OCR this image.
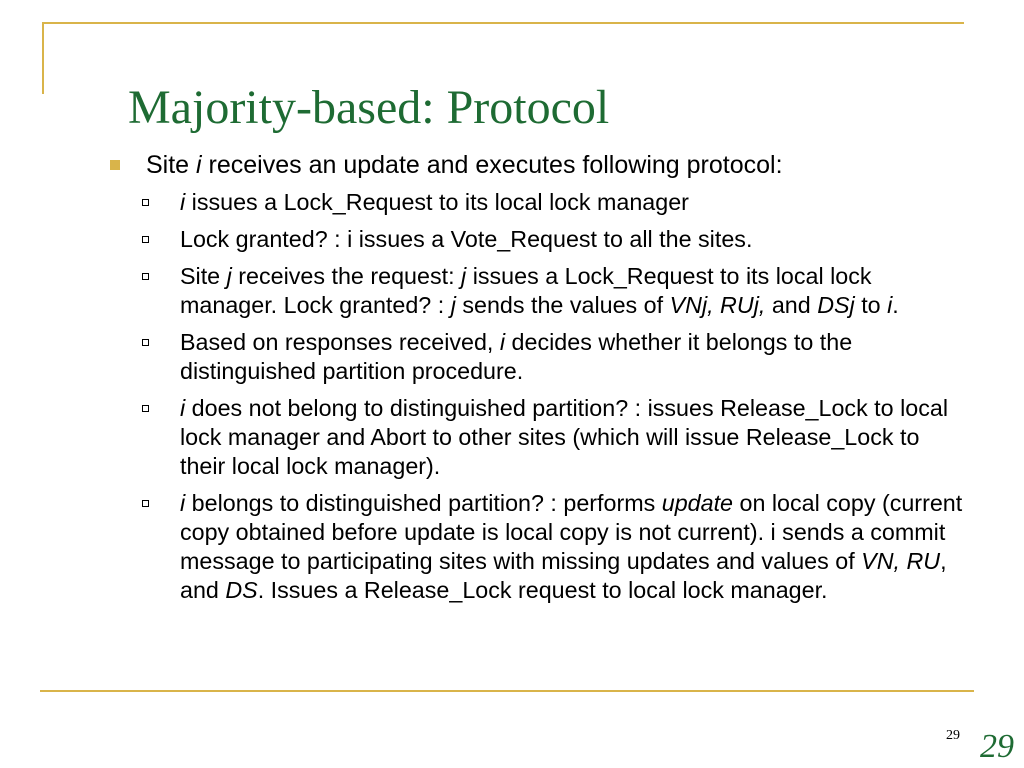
Majority-based: Protocol
Site i receives an update and executes following protocol:
i issues a Lock_Request to its local lock manager
Lock granted? : i issues a Vote_Request to all the sites.
Site j receives the request: j issues a Lock_Request to its local lock manager. Lock granted? : j sends the values of VNj, RUj, and DSj to i.
Based on responses received, i decides whether it belongs to the distinguished partition procedure.
i does not belong to distinguished partition? : issues Release_Lock to local lock manager and Abort to other sites (which will issue Release_Lock to their local lock manager).
i belongs to distinguished partition? : performs update on local copy (current copy obtained before update is local copy is not current). i sends a commit message to participating sites with missing updates and values of VN, RU, and DS. Issues a Release_Lock request to local lock manager.
29 29
